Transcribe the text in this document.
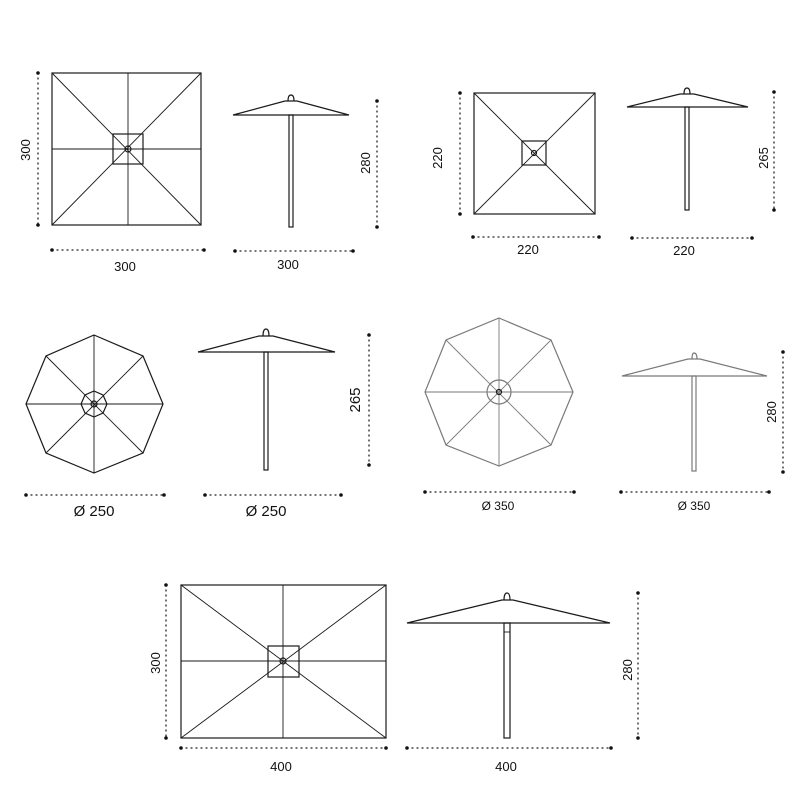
300
300	300
280	220
220	220
265
Ø 250	Ø 250
265
Ø 350	Ø 350
280
300
400	400
280
